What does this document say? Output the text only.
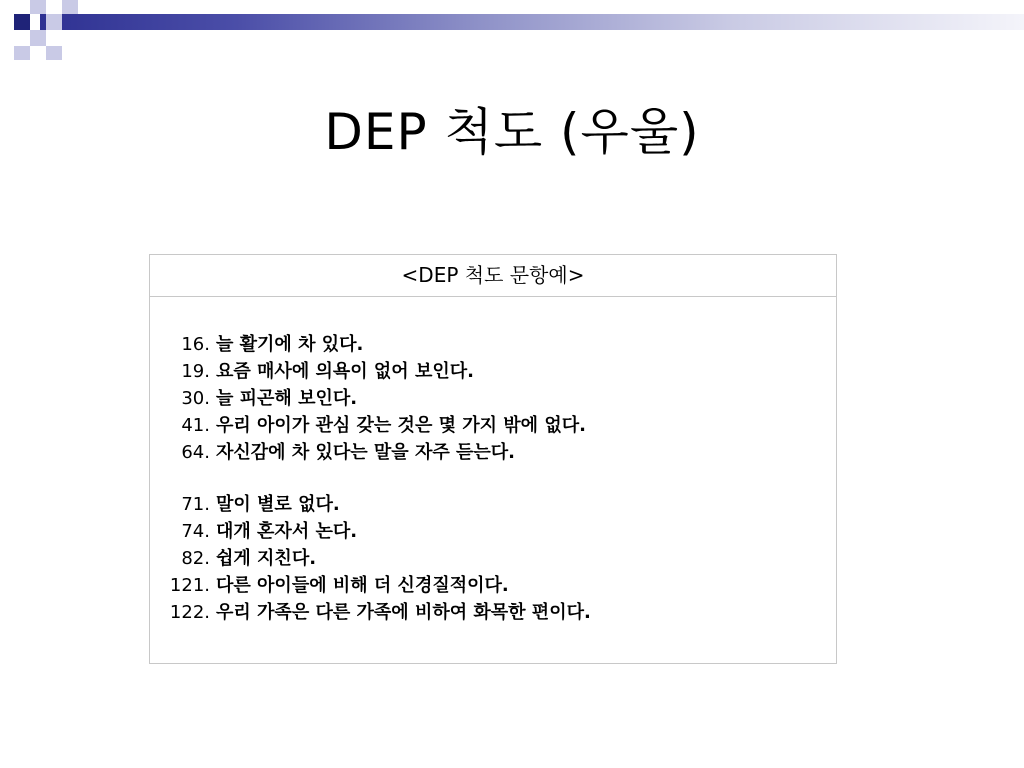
DEP 척도 (우울)
<DEP 척도 문항예>
16. 늘 활기에 차 있다.
19. 요즘 매사에 의욕이 없어 보인다.
30. 늘 피곤해 보인다.
41. 우리 아이가 관심 갖는 것은 몇 가지 밖에 없다.
64. 자신감에 차 있다는 말을 자주 듣는다.
71. 말이 별로 없다.
74. 대개 혼자서 논다.
82. 쉽게 지친다.
121. 다른 아이들에 비해 더 신경질적이다.
122. 우리 가족은 다른 가족에 비하여 화목한 편이다.
